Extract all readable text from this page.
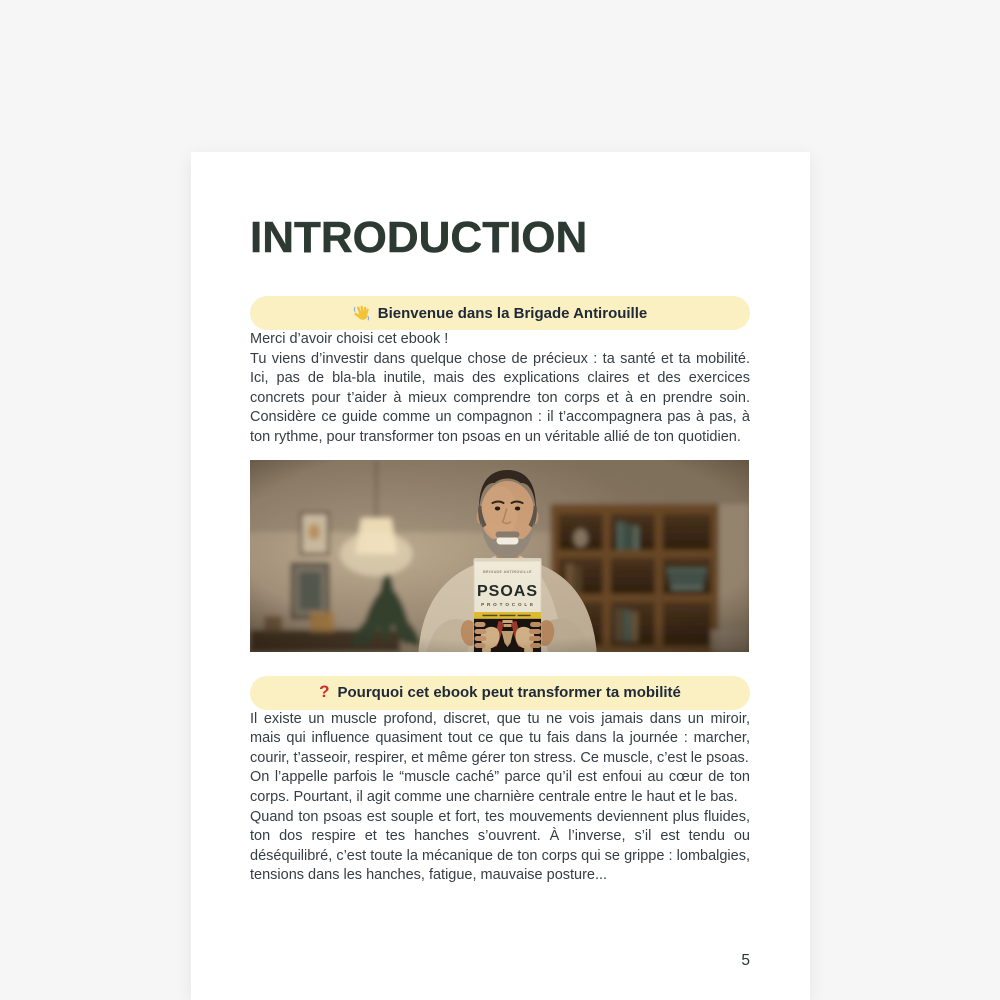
INTRODUCTION
Bienvenue dans la Brigade Antirouille

Merci d’avoir choisi cet ebook !

Tu viens d’investir dans quelque chose de précieux : ta santé et ta mobilité. Ici, pas de bla-bla inutile, mais des explications claires et des exercices concrets pour t’aider à mieux comprendre ton corps et à en prendre soin. Considère ce guide comme un compagnon : il t’accompagnera pas à pas, à ton rythme, pour transformer ton psoas en un véritable allié de ton quotidien.

? Pourquoi cet ebook peut transformer ta mobilité

Il existe un muscle profond, discret, que tu ne vois jamais dans un miroir, mais qui influence quasiment tout ce que tu fais dans la journée : marcher, courir, t’asseoir, respirer, et même gérer ton stress. Ce muscle, c’est le psoas.

On l’appelle parfois le “muscle caché” parce qu’il est enfoui au cœur de ton corps. Pourtant, il agit comme une charnière centrale entre le haut et le bas.

Quand ton psoas est souple et fort, tes mouvements deviennent plus fluides, ton dos respire et tes hanches s’ouvrent. À l’inverse, s’il est tendu ou déséquilibré, c’est toute la mécanique de ton corps qui se grippe : lombalgies, tensions dans les hanches, fatigue, mauvaise posture...

5
